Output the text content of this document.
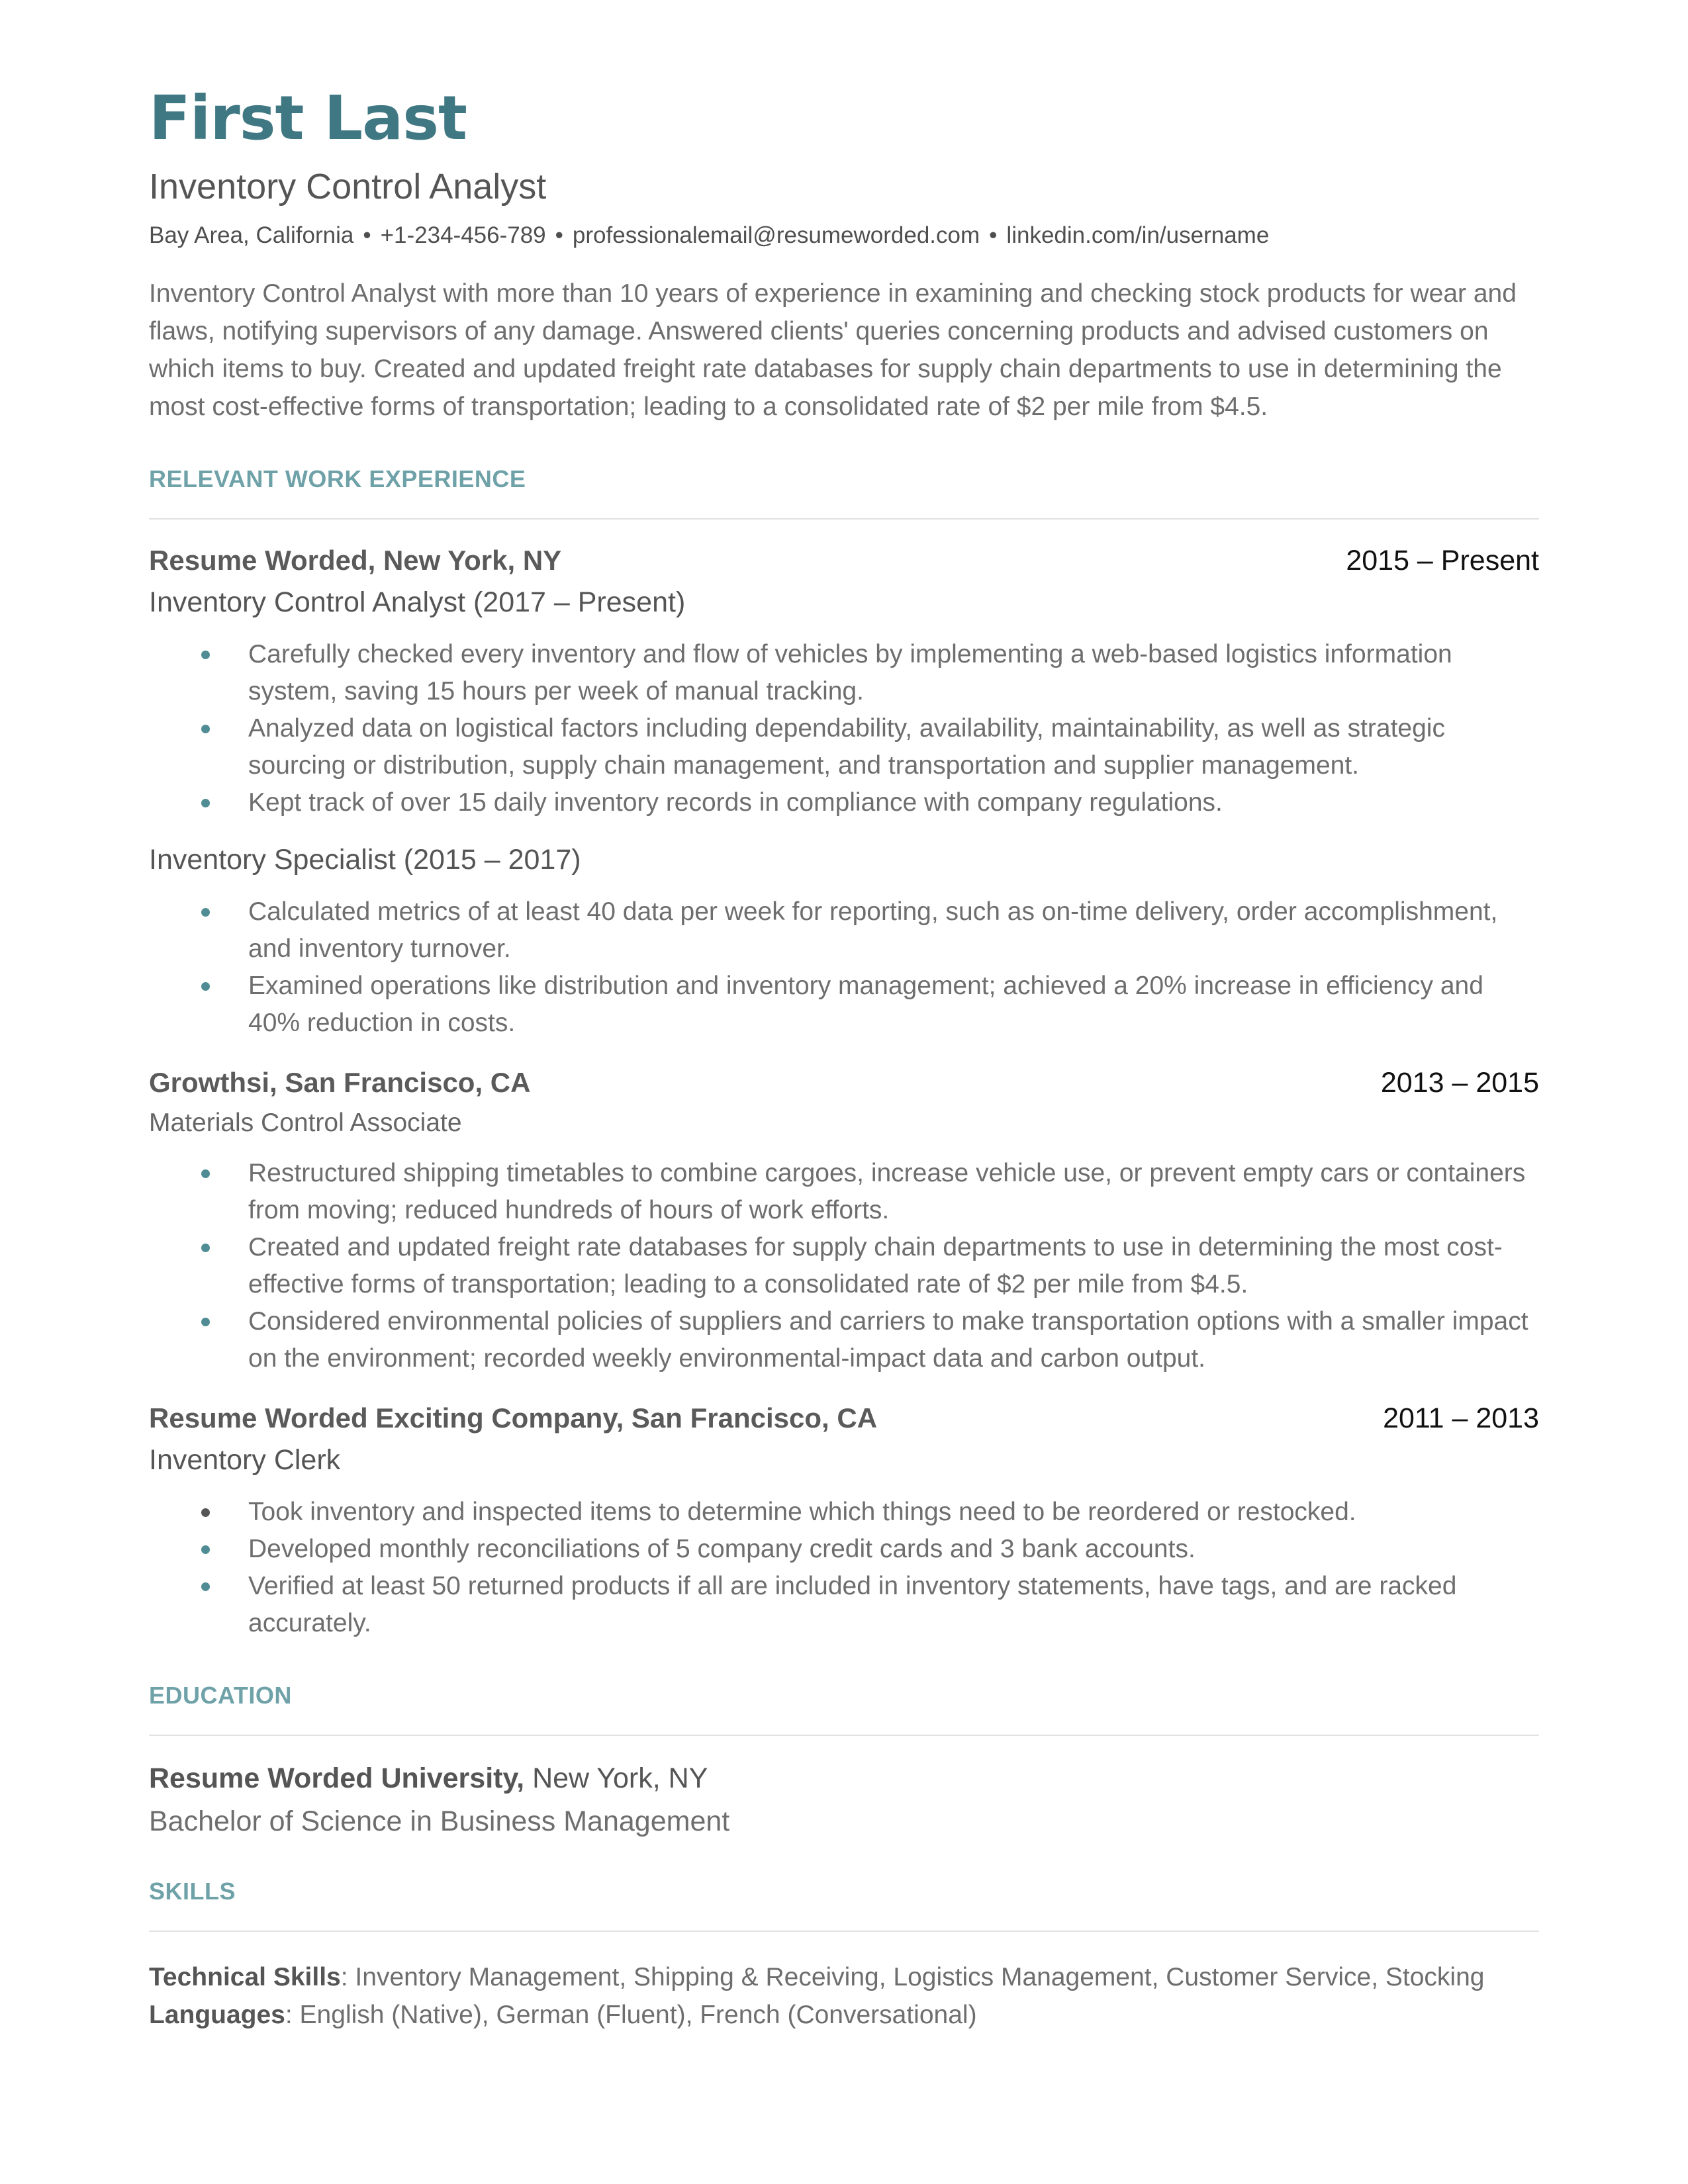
First Last
Inventory Control Analyst
Bay Area, California • +1-234-456-789 • professionalemail@resumeworded.com • linkedin.com/in/username
Inventory Control Analyst with more than 10 years of experience in examining and checking stock products for wear and flaws, notifying supervisors of any damage. Answered clients' queries concerning products and advised customers on which items to buy. Created and updated freight rate databases for supply chain departments to use in determining the most cost-effective forms of transportation; leading to a consolidated rate of $2 per mile from $4.5.
RELEVANT WORK EXPERIENCE
Resume Worded, New York, NY	2015 – Present
Inventory Control Analyst (2017 – Present)
Carefully checked every inventory and flow of vehicles by implementing a web-based logistics information system, saving 15 hours per week of manual tracking.
Analyzed data on logistical factors including dependability, availability, maintainability, as well as strategic sourcing or distribution, supply chain management, and transportation and supplier management.
Kept track of over 15 daily inventory records in compliance with company regulations.
Inventory Specialist (2015 – 2017)
Calculated metrics of at least 40 data per week for reporting, such as on-time delivery, order accomplishment, and inventory turnover.
Examined operations like distribution and inventory management; achieved a 20% increase in efficiency and 40% reduction in costs.
Growthsi, San Francisco, CA	2013 – 2015
Materials Control Associate
Restructured shipping timetables to combine cargoes, increase vehicle use, or prevent empty cars or containers from moving; reduced hundreds of hours of work efforts.
Created and updated freight rate databases for supply chain departments to use in determining the most cost-effective forms of transportation; leading to a consolidated rate of $2 per mile from $4.5.
Considered environmental policies of suppliers and carriers to make transportation options with a smaller impact on the environment; recorded weekly environmental-impact data and carbon output.
Resume Worded Exciting Company, San Francisco, CA	2011 – 2013
Inventory Clerk
Took inventory and inspected items to determine which things need to be reordered or restocked.
Developed monthly reconciliations of 5 company credit cards and 3 bank accounts.
Verified at least 50 returned products if all are included in inventory statements, have tags, and are racked accurately.
EDUCATION
Resume Worded University, New York, NY
Bachelor of Science in Business Management
SKILLS
Technical Skills: Inventory Management, Shipping & Receiving, Logistics Management, Customer Service, Stocking
Languages: English (Native), German (Fluent), French (Conversational)
